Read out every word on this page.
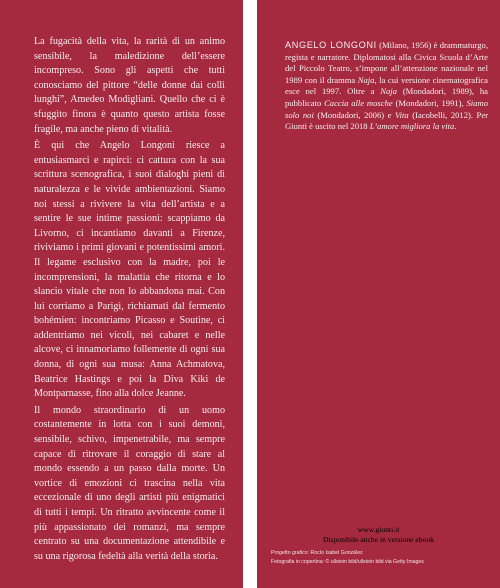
La fugacità della vita, la rarità di un animo sensibile, la maledizione dell’essere incompreso. Sono gli aspetti che tutti conosciamo del pittore “delle donne dai colli lunghi”, Amedeo Modigliani. Quello che ci è sfuggito finora è quanto questo artista fosse fragile, ma anche pieno di vitalità.

È qui che Angelo Longoni riesce a entusiasmarci e rapirci: ci cattura con la sua scrittura scenografica, i suoi dialoghi pieni di naturalezza e le vivide ambientazioni. Siamo noi stessi a rivivere la vita dell’artista e a sentire le sue intime passioni: scappiamo da Livorno, ci incantiamo davanti a Firenze, riviviamo i primi giovani e potentissimi amori. Il legame esclusivo con la madre, poi le incomprensioni, la malattia che ritorna e lo slancio vitale che non lo abbandona mai. Con lui corriamo a Parigi, richiamati dal fermento bohémien: incontriamo Picasso e Soutine, ci addentriamo nei vicoli, nei cabaret e nelle alcove, ci innamoriamo follemente di ogni sua donna, di ogni sua musa: Anna Achmatova, Beatrice Hastings e poi la Diva Kiki de Montparnasse, fino alla dolce Jeanne.

Il mondo straordinario di un uomo costantemente in lotta con i suoi demoni, sensibile, schivo, impenetrabile, ma sempre capace di ritrovare il coraggio di stare al mondo essendo a un passo dalla morte. Un vortice di emozioni ci trascina nella vita eccezionale di uno degli artisti più enigmatici di tutti i tempi. Un ritratto avvincente come il più appassionato dei romanzi, ma sempre centrato su una documentazione attendibile e su una rigorosa fedeltà alla verità della storia.

ANGELO LONGONI (Milano, 1956) è drammaturgo, regista e narratore. Diplomatosi alla Civica Scuola d’Arte del Piccolo Teatro, s’impone all’attenzione nazionale nel 1989 con il dramma Naja, la cui versione cinematografica esce nel 1997. Oltre a Naja (Mondadori, 1989), ha pubblicato Caccia alle mosche (Mondadori, 1991), Siamo solo noi (Mondadori, 2006) e Vita (Iacobelli, 2012). Per Giunti è uscito nel 2018 L’amore migliora la vita.

www.giunti.it
Disponibile anche in versione ebook
Progetto grafico: Rocío Isabel González
Fotografia in copertina: © ullstein bild/ullstein bild via Getty Images
